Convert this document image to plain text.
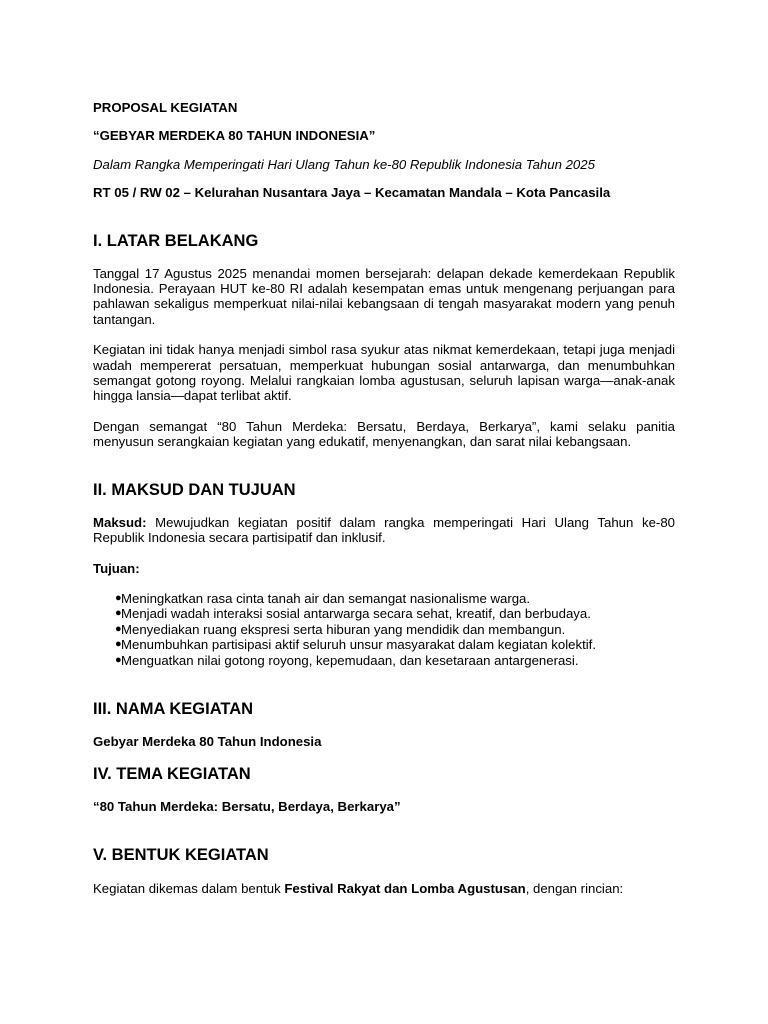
PROPOSAL KEGIATAN

“GEBYAR MERDEKA 80 TAHUN INDONESIA”

Dalam Rangka Memperingati Hari Ulang Tahun ke-80 Republik Indonesia Tahun 2025

RT 05 / RW 02 – Kelurahan Nusantara Jaya – Kecamatan Mandala – Kota Pancasila

I. LATAR BELAKANG

Tanggal 17 Agustus 2025 menandai momen bersejarah: delapan dekade kemerdekaan Republik Indonesia. Perayaan HUT ke-80 RI adalah kesempatan emas untuk mengenang perjuangan para pahlawan sekaligus memperkuat nilai-nilai kebangsaan di tengah masyarakat modern yang penuh tantangan.

Kegiatan ini tidak hanya menjadi simbol rasa syukur atas nikmat kemerdekaan, tetapi juga menjadi wadah mempererat persatuan, memperkuat hubungan sosial antarwarga, dan menumbuhkan semangat gotong royong. Melalui rangkaian lomba agustusan, seluruh lapisan warga—anak-anak hingga lansia—dapat terlibat aktif.

Dengan semangat “80 Tahun Merdeka: Bersatu, Berdaya, Berkarya”, kami selaku panitia menyusun serangkaian kegiatan yang edukatif, menyenangkan, dan sarat nilai kebangsaan.

II. MAKSUD DAN TUJUAN

Maksud: Mewujudkan kegiatan positif dalam rangka memperingati Hari Ulang Tahun ke-80 Republik Indonesia secara partisipatif dan inklusif.

Tujuan:

● Meningkatkan rasa cinta tanah air dan semangat nasionalisme warga.
● Menjadi wadah interaksi sosial antarwarga secara sehat, kreatif, dan berbudaya.
● Menyediakan ruang ekspresi serta hiburan yang mendidik dan membangun.
● Menumbuhkan partisipasi aktif seluruh unsur masyarakat dalam kegiatan kolektif.
● Menguatkan nilai gotong royong, kepemudaan, dan kesetaraan antargenerasi.
III. NAMA KEGIATAN

Gebyar Merdeka 80 Tahun Indonesia

IV. TEMA KEGIATAN

“80 Tahun Merdeka: Bersatu, Berdaya, Berkarya”

V. BENTUK KEGIATAN

Kegiatan dikemas dalam bentuk Festival Rakyat dan Lomba Agustusan, dengan rincian:
